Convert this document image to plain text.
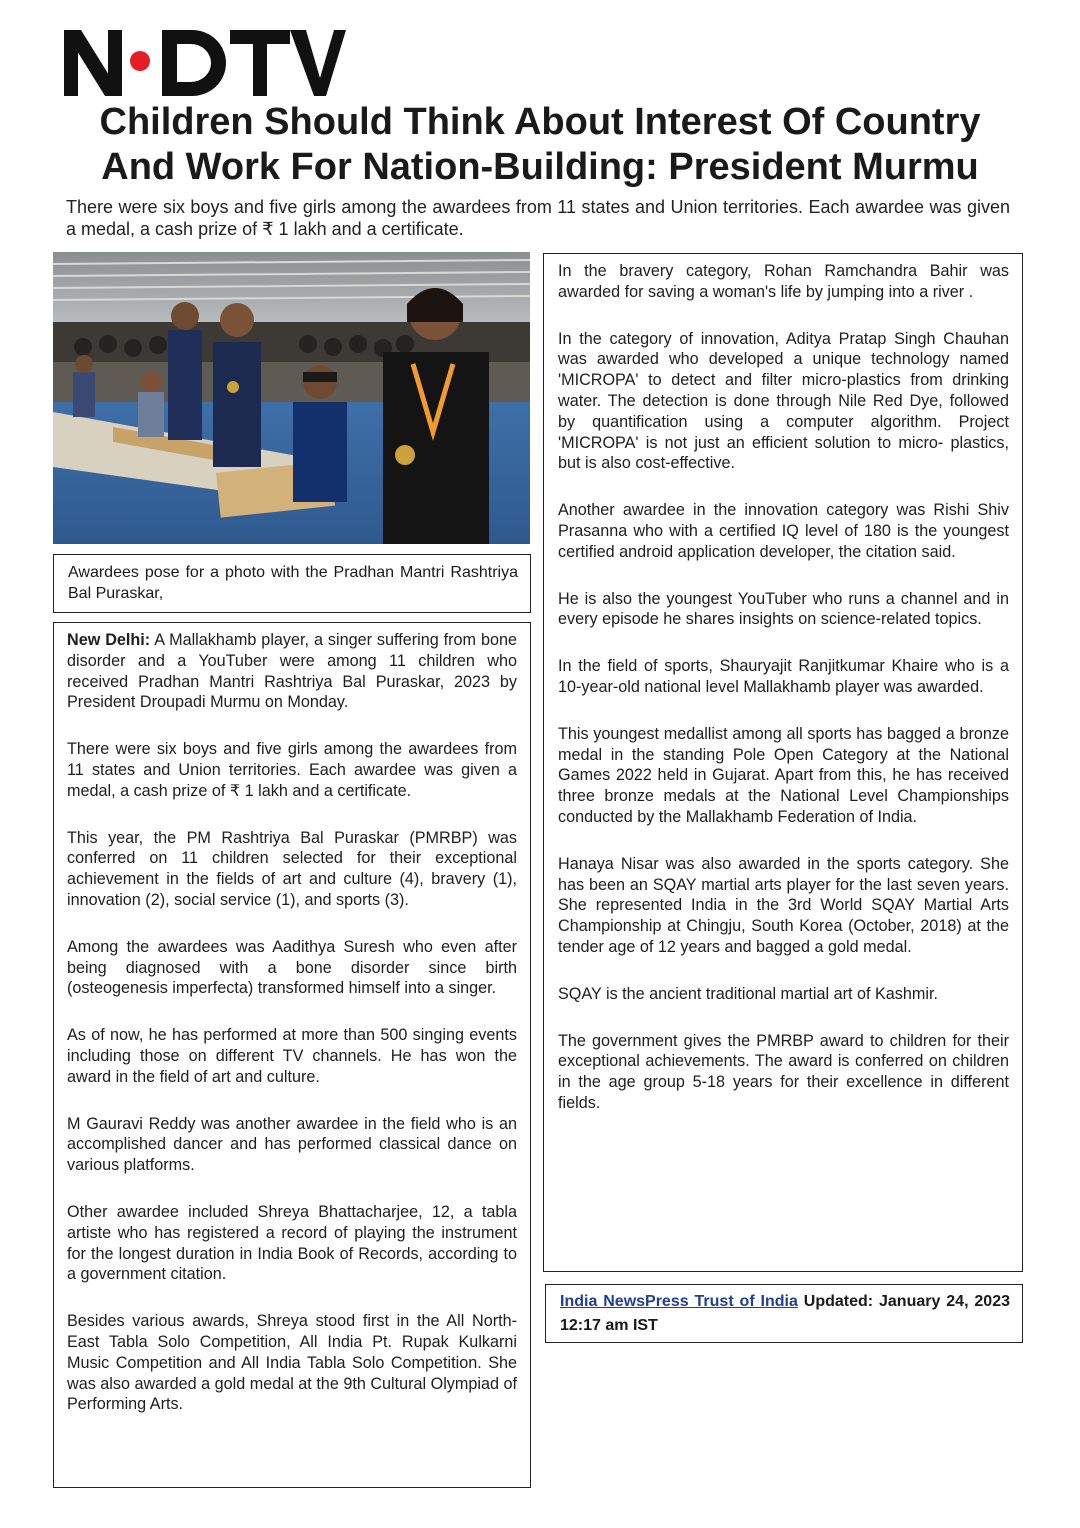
Children Should Think About Interest Of Country
And Work For Nation-Building: President Murmu

There were six boys and five girls among the awardees from 11 states and Union territories. Each awardee was given a medal, a cash prize of ₹ 1 lakh and a certificate.

Awardees pose for a photo with the Pradhan Mantri Rashtriya Bal Puraskar,

New Delhi: A Mallakhamb player, a singer suffering from bone disorder and a YouTuber were among 11 children who received Pradhan Mantri Rashtriya Bal Puraskar, 2023 by President Droupadi Murmu on Monday.

There were six boys and five girls among the awardees from 11 states and Union territories. Each awardee was given a medal, a cash prize of ₹ 1 lakh and a certificate.

This year, the PM Rashtriya Bal Puraskar (PMRBP) was conferred on 11 children selected for their exceptional achievement in the fields of art and culture (4), bravery (1), innovation (2), social service (1), and sports (3).

Among the awardees was Aadithya Suresh who even after being diagnosed with a bone disorder since birth (osteogenesis imperfecta) transformed himself into a singer.

As of now, he has performed at more than 500 singing events including those on different TV channels. He has won the award in the field of art and culture.

M Gauravi Reddy was another awardee in the field who is an accomplished dancer and has performed classical dance on various platforms.

Other awardee included Shreya Bhattacharjee, 12, a tabla artiste who has registered a record of playing the instrument for the longest duration in India Book of Records, according to a government citation.

Besides various awards, Shreya stood first in the All North-East Tabla Solo Competition, All India Pt. Rupak Kulkarni Music Competition and All India Tabla Solo Competition. She was also awarded a gold medal at the 9th Cultural Olympiad of Performing Arts.

In the bravery category, Rohan Ramchandra Bahir was awarded for saving a woman's life by jumping into a river .

In the category of innovation, Aditya Pratap Singh Chauhan was awarded who developed a unique technology named 'MICROPA' to detect and filter micro-plastics from drinking water. The detection is done through Nile Red Dye, followed by quantification using a computer algorithm. Project 'MICROPA' is not just an efficient solution to micro- plastics, but is also cost-effective.

Another awardee in the innovation category was Rishi Shiv Prasanna who with a certified IQ level of 180 is the youngest certified android application developer, the citation said.

He is also the youngest YouTuber who runs a channel and in every episode he shares insights on science-related topics.

In the field of sports, Shauryajit Ranjitkumar Khaire who is a 10-year-old national level Mallakhamb player was awarded.

This youngest medallist among all sports has bagged a bronze medal in the standing Pole Open Category at the National Games 2022 held in Gujarat. Apart from this, he has received three bronze medals at the National Level Championships conducted by the Mallakhamb Federation of India.

Hanaya Nisar was also awarded in the sports category. She has been an SQAY martial arts player for the last seven years. She represented India in the 3rd World SQAY Martial Arts Championship at Chingju, South Korea (October, 2018) at the tender age of 12 years and bagged a gold medal.

SQAY is the ancient traditional martial art of Kashmir.

The government gives the PMRBP award to children for their exceptional achievements. The award is conferred on children in the age group 5-18 years for their excellence in different fields.

India NewsPress Trust of India Updated: January 24, 2023 12:17 am IST
